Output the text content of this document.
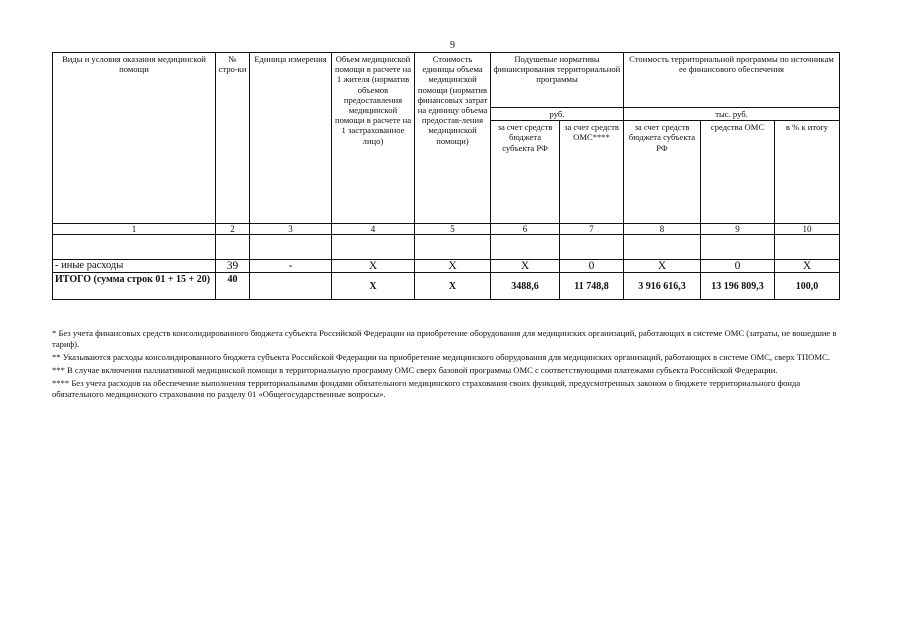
9
Виды и условия оказания медицинской помощи	№ стро-ки	Единица измерения	Объем медицинской помощи в расчете на 1 жителя (норматив объемов предоставления медицинской помощи в расчете на 1 застрахованное лицо)	Стоимость единицы объема медицинской помощи (норматив финансовых затрат на единицу объема предостав-ления медицинской помощи)	Подушевые нормативы финансирования территориальной программы		Стоимость территориальной программы по источникам ее финансового обеспечения		
					руб.		тыс. руб.		
					за счет средств бюджета субъекта РФ	за счет средств ОМС****	за счет средств бюджета субъекта РФ	средства ОМС	в % к итогу
1	2	3	4	5	6	7	8	9	10

- иные расходы	39	-	X	X	X	0	X	0	X
ИТОГО (сумма строк 01 + 15 + 20)	40		X	X	3488,6	11 748,8	3 916 616,3	13 196 809,3	100,0

* Без учета финансовых средств консолидированного бюджета субъекта Российской Федерации на приобретение оборудования для медицинских организаций, работающих в системе ОМС (затраты, не вошедшие в тариф).

** Указываются расходы консолидированного бюджета субъекта Российской Федерации на приобретение медицинского оборудования для медицинских организаций, работающих в системе ОМС, сверх ТПОМС.

*** В случае включения паллиативной медицинской помощи в территориальную программу ОМС сверх базовой программы ОМС с соответствующими платежами субъекта Российской Федерации.

**** Без учета расходов на обеспечение выполнения территориальными фондами обязательного медицинского страхования своих функций, предусмотренных законом о бюджете территориального фонда обязательного медицинского страхования по разделу 01 «Общегосударственные вопросы».
